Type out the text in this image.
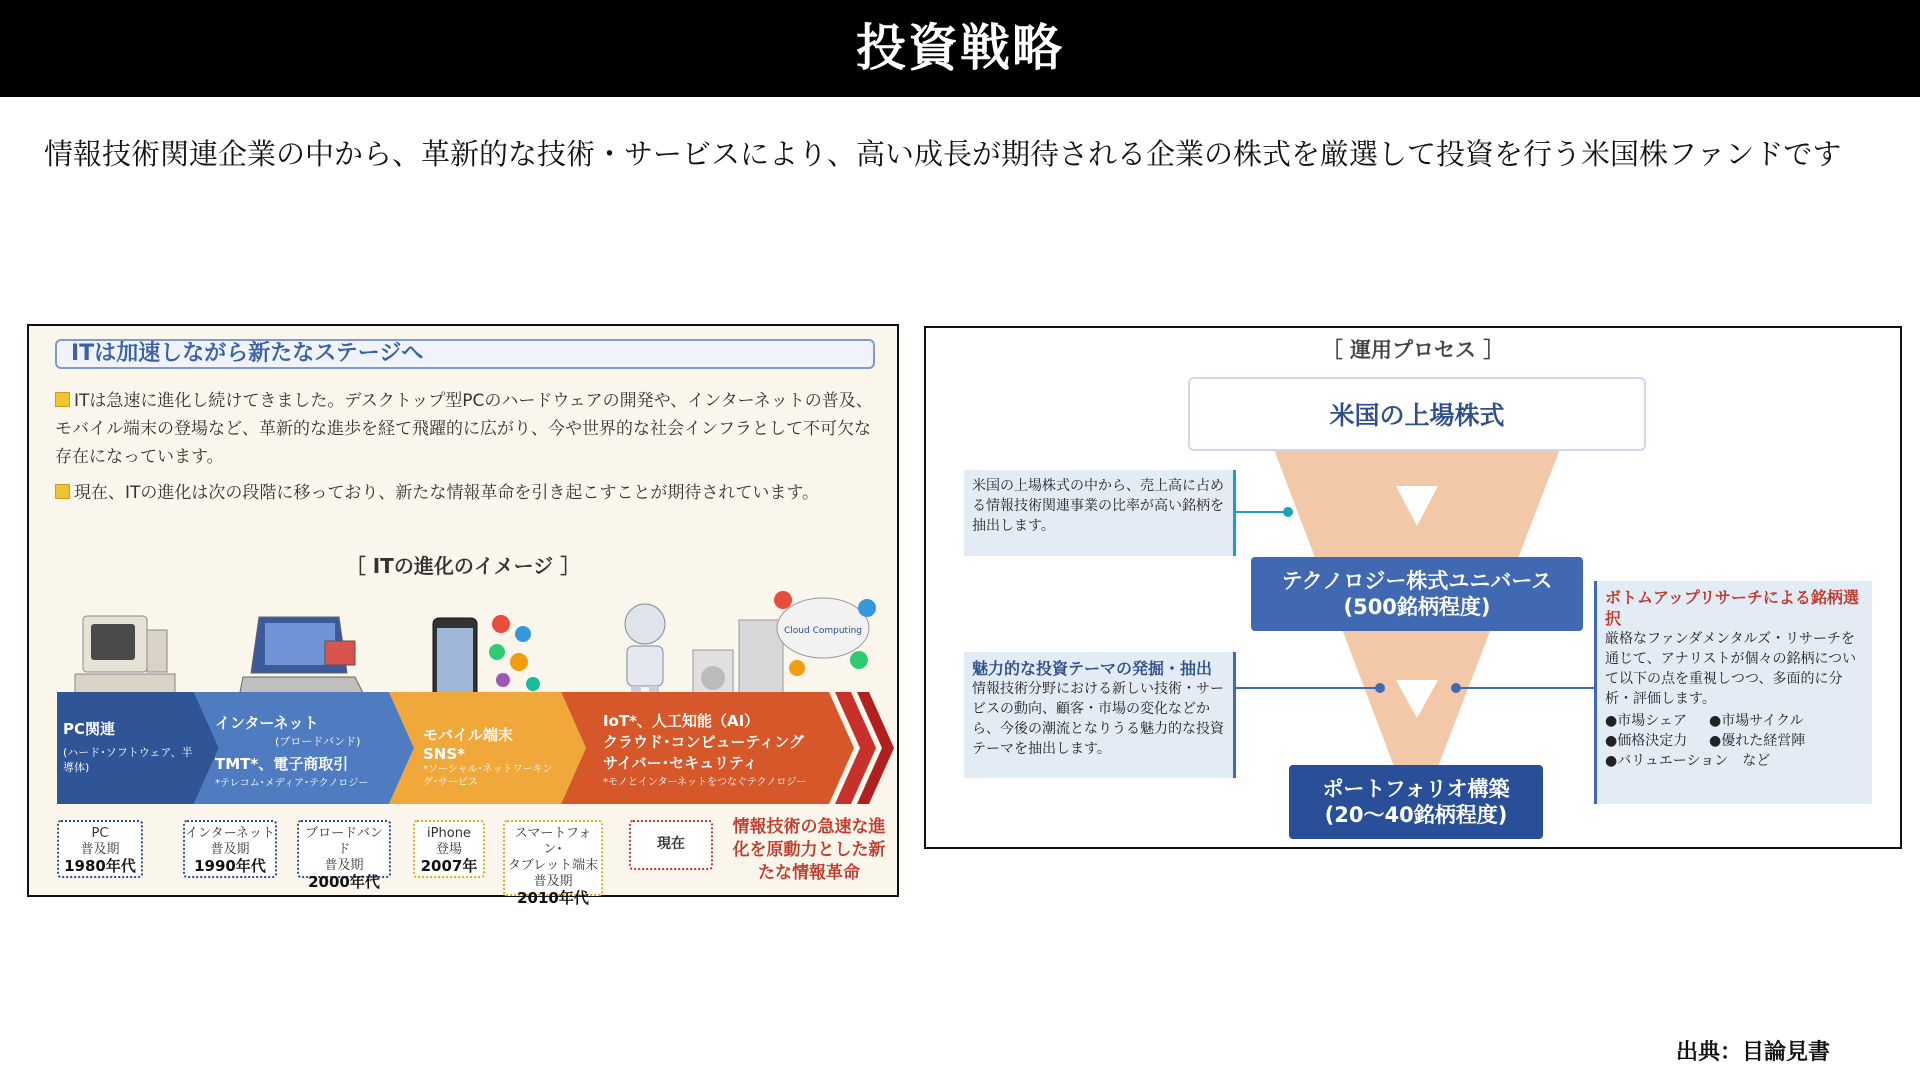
投資戦略
情報技術関連企業の中から、革新的な技術・サービスにより、高い成長が期待される企業の株式を厳選して投資を行う米国株ファンドです
ITは加速しながら新たなステージへ
ITは急速に進化し続けてきました。デスクトップ型PCのハードウェアの開発や、インターネットの普及、モバイル端末の登場など、革新的な進歩を経て飛躍的に広がり、今や世界的な社会インフラとして不可欠な存在になっています。
現在、ITの進化は次の段階に移っており、新たな情報革命を引き起こすことが期待されています。
［ ITの進化のイメージ ］
Cloud Computing
PC関連
(ハード･ソフトウェア、半導体)
インターネット
(ブロードバンド)
TMT*、電子商取引
*テレコム･メディア･テクノロジー
モバイル端末
SNS*
*ソーシャル･ネットワーキング･サービス
IoT*、人工知能（AI）
クラウド･コンピューティング
サイバー･セキュリティ
*モノとインターネットをつなぐテクノロジー
PC
普及期
1980年代
インターネット
普及期
1990年代
ブロードバンド
普及期
2000年代
iPhone
登場
2007年
スマートフォン･
タブレット端末
普及期
2010年代
現在
情報技術の急速な進化を原動力とした新たな情報革命
［ 運用プロセス ］
米国の上場株式
テクノロジー株式ユニバース
(500銘柄程度)
ポートフォリオ構築
(20～40銘柄程度)
米国の上場株式の中から、売上高に占める情報技術関連事業の比率が高い銘柄を抽出します。
魅力的な投資テーマの発掘・抽出
情報技術分野における新しい技術・サービスの動向、顧客・市場の変化などから、今後の潮流となりうる魅力的な投資テーマを抽出します。
ボトムアップリサーチによる銘柄選択
厳格なファンダメンタルズ・リサーチを通じて、アナリストが個々の銘柄について以下の点を重視しつつ、多面的に分析・評価します。
●市場シェア ●市場サイクル
●価格決定力 ●優れた経営陣
●バリュエーション　など
出典：目論見書
